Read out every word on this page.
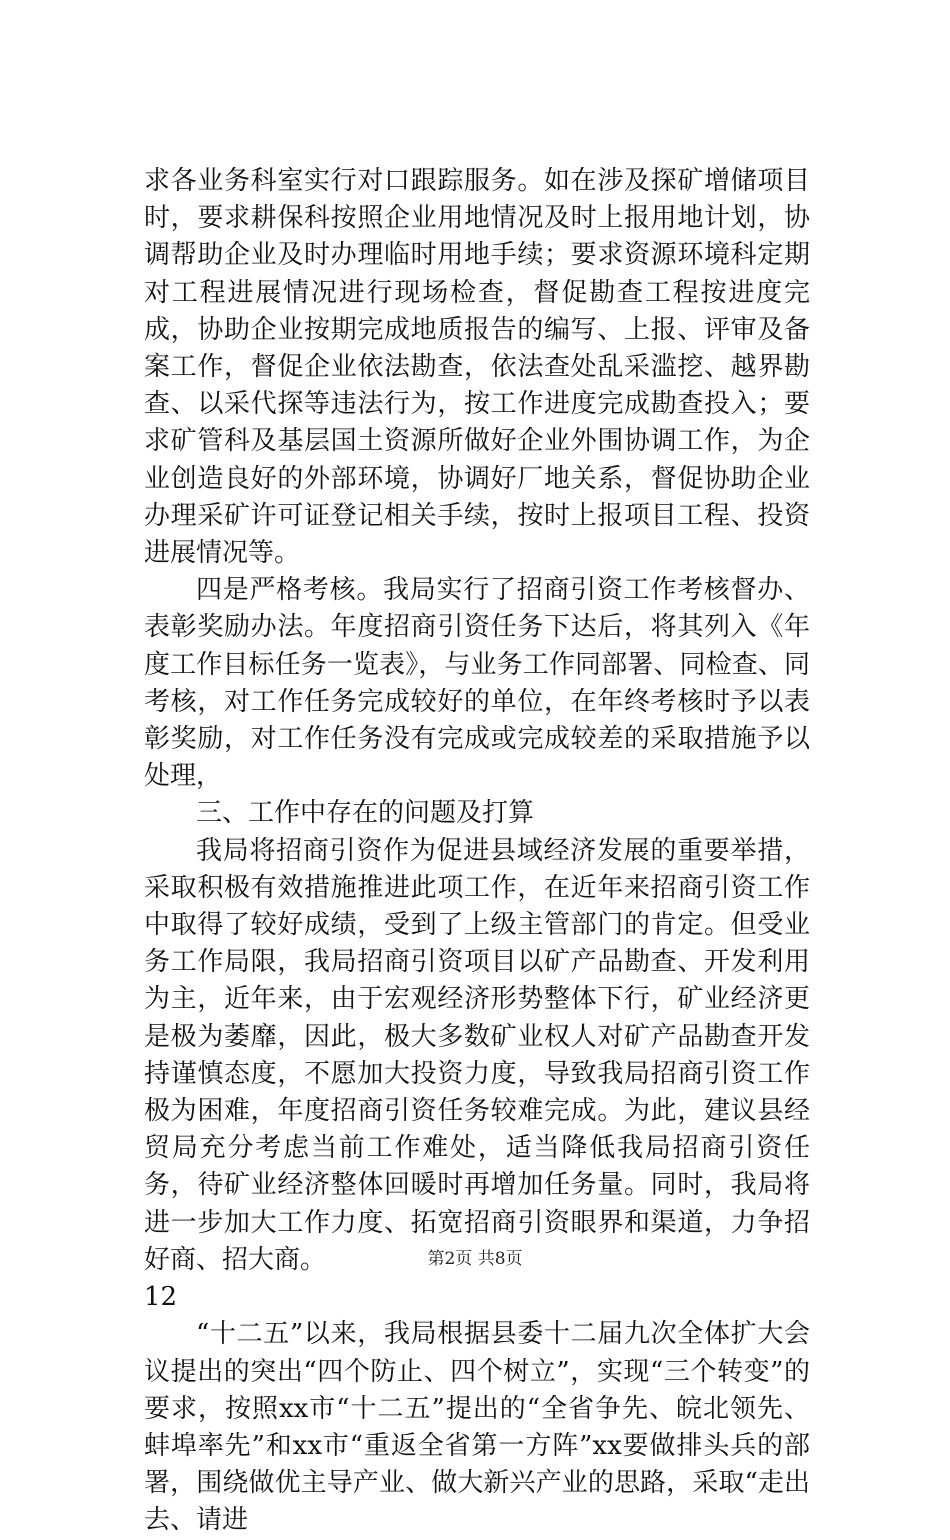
求各业务科室实行对口跟踪服务。如在涉及探矿增储项目时，要求耕保科按照企业用地情况及时上报用地计划，协调帮助企业及时办理临时用地手续；要求资源环境科定期对工程进展情况进行现场检查，督促勘查工程按进度完成，协助企业按期完成地质报告的编写、上报、评审及备案工作，督促企业依法勘查，依法查处乱采滥挖、越界勘查、以采代探等违法行为，按工作进度完成勘查投入；要求矿管科及基层国土资源所做好企业外围协调工作，为企业创造良好的外部环境，协调好厂地关系，督促协助企业办理采矿许可证登记相关手续，按时上报项目工程、投资进展情况等。

四是严格考核。我局实行了招商引资工作考核督办、表彰奖励办法。年度招商引资任务下达后，将其列入《年度工作目标任务一览表》，与业务工作同部署、同检查、同考核，对工作任务完成较好的单位，在年终考核时予以表彰奖励，对工作任务没有完成或完成较差的采取措施予以处理，

三、工作中存在的问题及打算

我局将招商引资作为促进县域经济发展的重要举措，采取积极有效措施推进此项工作，在近年来招商引资工作中取得了较好成绩，受到了上级主管部门的肯定。但受业务工作局限，我局招商引资项目以矿产品勘查、开发利用为主，近年来，由于宏观经济形势整体下行，矿业经济更是极为萎靡，因此，极大多数矿业权人对矿产品勘查开发持谨慎态度，不愿加大投资力度，导致我局招商引资工作极为困难，年度招商引资任务较难完成。为此，建议县经贸局充分考虑当前工作难处，适当降低我局招商引资任务，待矿业经济整体回暖时再增加任务量。同时，我局将进一步加大工作力度、拓宽招商引资眼界和渠道，力争招好商、招大商。

12

“十二五”以来，我局根据县委十二届九次全体扩大会议提出的突出“四个防止、四个树立”，实现“三个转变”的要求，按照xx市“十二五”提出的“全省争先、皖北领先、蚌埠率先”和xx市“重返全省第一方阵”xx要做排头兵的部署，围绕做优主导产业、做大新兴产业的思路，采取“走出去、请进

第2页 共8页
